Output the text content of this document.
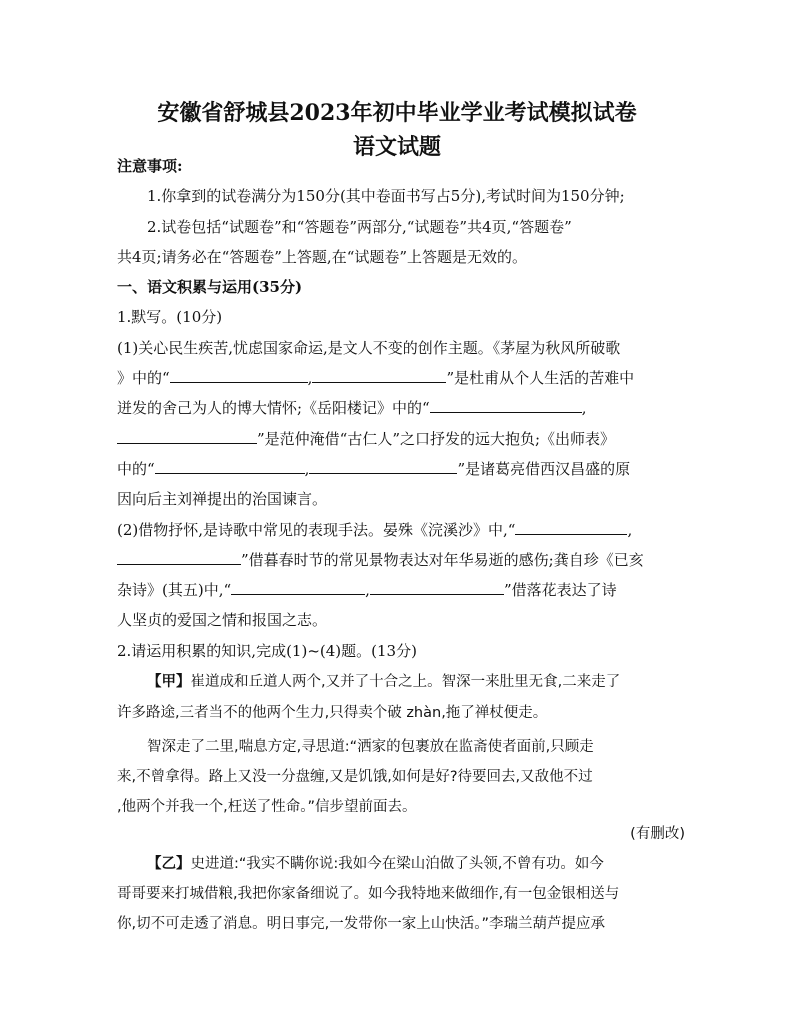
安徽省舒城县2023年初中毕业学业考试模拟试卷
语文试题
注意事项:
1.你拿到的试卷满分为150分(其中卷面书写占5分),考试时间为150分钟;
2.试卷包括“试题卷”和“答题卷”两部分,“试题卷”共4页,“答题卷”
共4页;请务必在“答题卷”上答题,在“试题卷”上答题是无效的。
一、语文积累与运用(35分)
1.默写。(10分)
(1)关心民生疾苦,忧虑国家命运,是文人不变的创作主题。《茅屋为秋风所破歌
》中的“	,	”是杜甫从个人生活的苦难中
迸发的舍己为人的博大情怀;《岳阳楼记》中的“	,
”是范仲淹借“古仁人”之口抒发的远大抱负;《出师表》
中的“	,	”是诸葛亮借西汉昌盛的原
因向后主刘禅提出的治国谏言。
(2)借物抒怀,是诗歌中常见的表现手法。晏殊《浣溪沙》中,“	,
”借暮春时节的常见景物表达对年华易逝的感伤;龚自珍《已亥
杂诗》(其五)中,“	,	”借落花表达了诗
人坚贞的爱国之情和报国之志。
2.请运用积累的知识,完成(1)~(4)题。(13分)
【甲】崔道成和丘道人两个,又并了十合之上。智深一来肚里无食,二来走了
许多路途,三者当不的他两个生力,只得卖个破 zhàn,拖了禅杖便走。
智深走了二里,喘息方定,寻思道:“洒家的包裹放在监斋使者面前,只顾走
来,不曾拿得。路上又没一分盘缠,又是饥饿,如何是好?待要回去,又敌他不过
,他两个并我一个,枉送了性命。”信步望前面去。
(有删改)
【乙】史进道:“我实不瞒你说:我如今在梁山泊做了头领,不曾有功。如今
哥哥要来打城借粮,我把你家备细说了。如今我特地来做细作,有一包金银相送与
你,切不可走透了消息。明日事完,一发带你一家上山快活。”李瑞兰葫芦提应承
